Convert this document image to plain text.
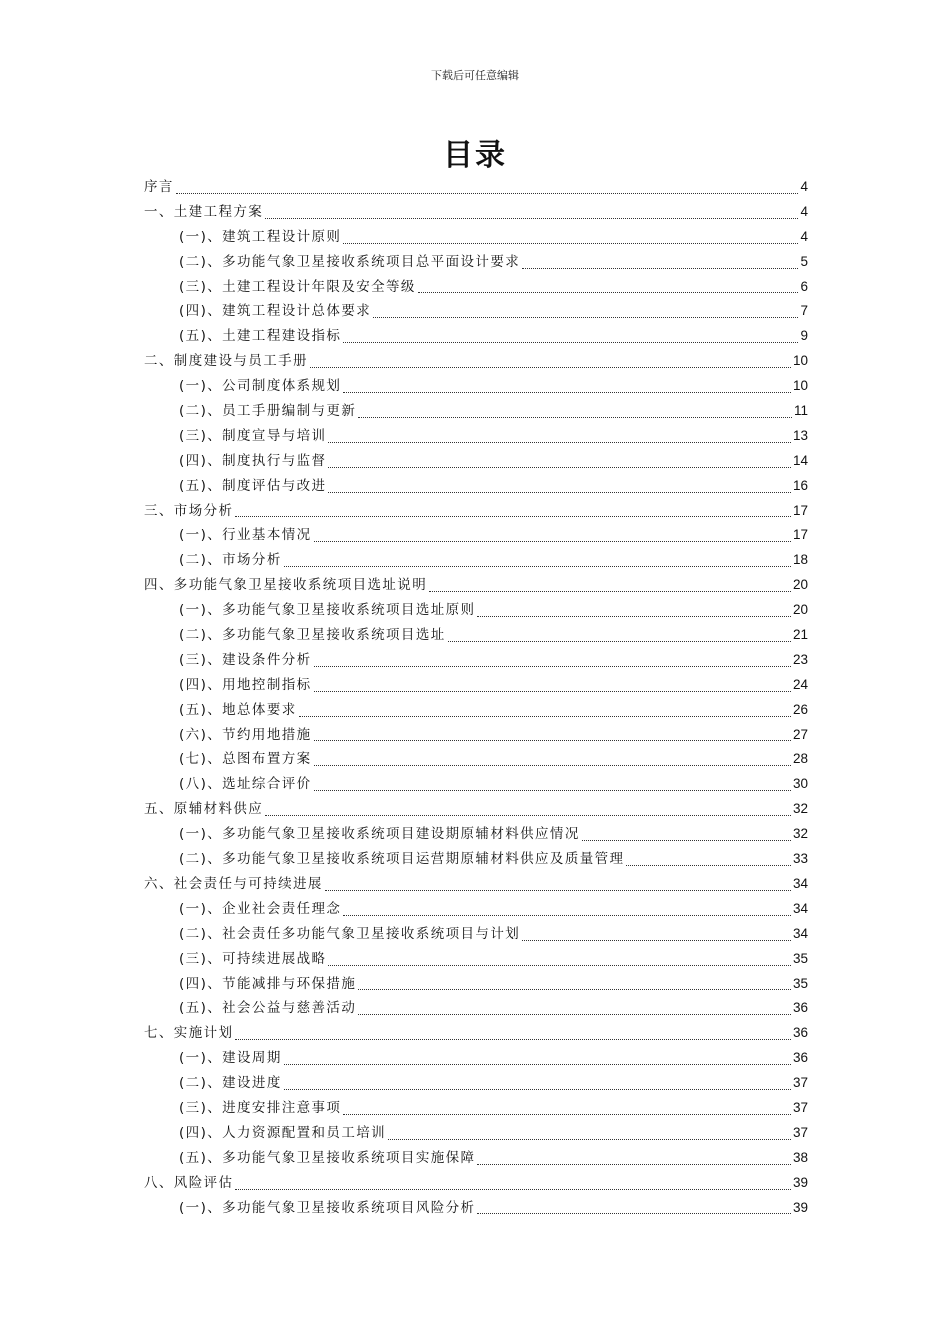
下载后可任意编辑
目录
序言	4
一、土建工程方案	4
(一)、建筑工程设计原则	4
(二)、多功能气象卫星接收系统项目总平面设计要求	5
(三)、土建工程设计年限及安全等级	6
(四)、建筑工程设计总体要求	7
(五)、土建工程建设指标	9
二、制度建设与员工手册	10
(一)、公司制度体系规划	10
(二)、员工手册编制与更新	11
(三)、制度宣导与培训	13
(四)、制度执行与监督	14
(五)、制度评估与改进	16
三、市场分析	17
(一)、行业基本情况	17
(二)、市场分析	18
四、多功能气象卫星接收系统项目选址说明	20
(一)、多功能气象卫星接收系统项目选址原则	20
(二)、多功能气象卫星接收系统项目选址	21
(三)、建设条件分析	23
(四)、用地控制指标	24
(五)、地总体要求	26
(六)、节约用地措施	27
(七)、总图布置方案	28
(八)、选址综合评价	30
五、原辅材料供应	32
(一)、多功能气象卫星接收系统项目建设期原辅材料供应情况	32
(二)、多功能气象卫星接收系统项目运营期原辅材料供应及质量管理	33
六、社会责任与可持续进展	34
(一)、企业社会责任理念	34
(二)、社会责任多功能气象卫星接收系统项目与计划	34
(三)、可持续进展战略	35
(四)、节能减排与环保措施	35
(五)、社会公益与慈善活动	36
七、实施计划	36
(一)、建设周期	36
(二)、建设进度	37
(三)、进度安排注意事项	37
(四)、人力资源配置和员工培训	37
(五)、多功能气象卫星接收系统项目实施保障	38
八、风险评估	39
(一)、多功能气象卫星接收系统项目风险分析	39
